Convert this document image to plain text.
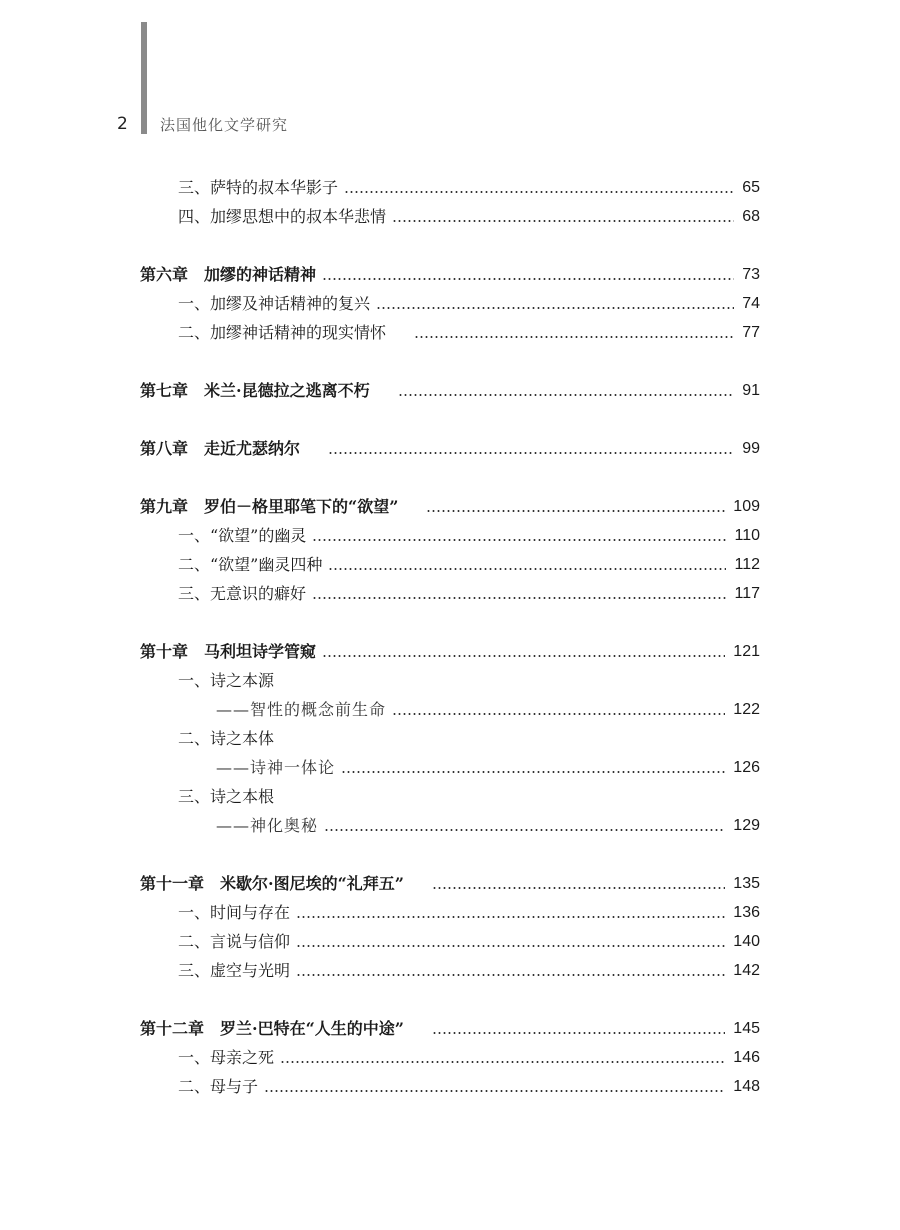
2 法国他化文学研究
三、萨特的叔本华影子	65
四、加缪思想中的叔本华悲情	68
第六章　加缪的神话精神	73
一、加缪及神话精神的复兴	74
二、加缪神话精神的现实情怀	77
第七章　米兰·昆德拉之逃离不朽	91
第八章　走近尤瑟纳尔	99
第九章　罗伯－格里耶笔下的“欲望”	109
一、“欲望”的幽灵	110
二、“欲望”幽灵四种	112
三、无意识的癖好	117
第十章　马利坦诗学管窥	121
一、诗之本源
——智性的概念前生命	122
二、诗之本体
——诗神一体论	126
三、诗之本根
——神化奥秘	129
第十一章　米歇尔·图尼埃的“礼拜五”	135
一、时间与存在	136
二、言说与信仰	140
三、虚空与光明	142
第十二章　罗兰·巴特在“人生的中途”	145
一、母亲之死	146
二、母与子	148
